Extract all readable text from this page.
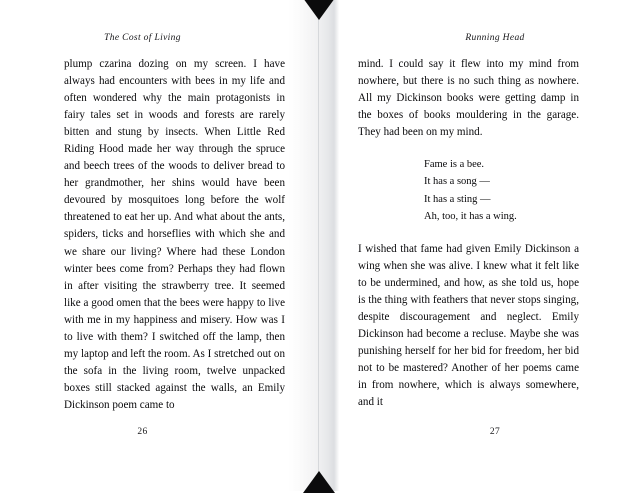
The Cost of Living

plump czarina dozing on my screen. I have always had encounters with bees in my life and often wondered why the main protagonists in fairy tales set in woods and forests are rarely bitten and stung by insects. When Little Red Riding Hood made her way through the spruce and beech trees of the woods to deliver bread to her grandmother, her shins would have been devoured by mosquitoes long before the wolf threatened to eat her up. And what about the ants, spiders, ticks and horseflies with which she and we share our living? Where had these London winter bees come from? Perhaps they had flown in after visiting the strawberry tree. It seemed like a good omen that the bees were happy to live with me in my happiness and misery. How was I to live with them? I switched off the lamp, then my laptop and left the room. As I stretched out on the sofa in the living room, twelve unpacked boxes still stacked against the walls, an Emily Dickinson poem came to

26
Running Head

mind. I could say it flew into my mind from nowhere, but there is no such thing as nowhere. All my Dickinson books were getting damp in the boxes of books mouldering in the garage. They had been on my mind.

Fame is a bee.
It has a song —
It has a sting —
Ah, too, it has a wing.

I wished that fame had given Emily Dickinson a wing when she was alive. I knew what it felt like to be undermined, and how, as she told us, hope is the thing with feathers that never stops singing, despite discouragement and neglect. Emily Dickinson had become a recluse. Maybe she was punishing herself for her bid for freedom, her bid not to be mastered? Another of her poems came in from nowhere, which is always somewhere, and it

27
